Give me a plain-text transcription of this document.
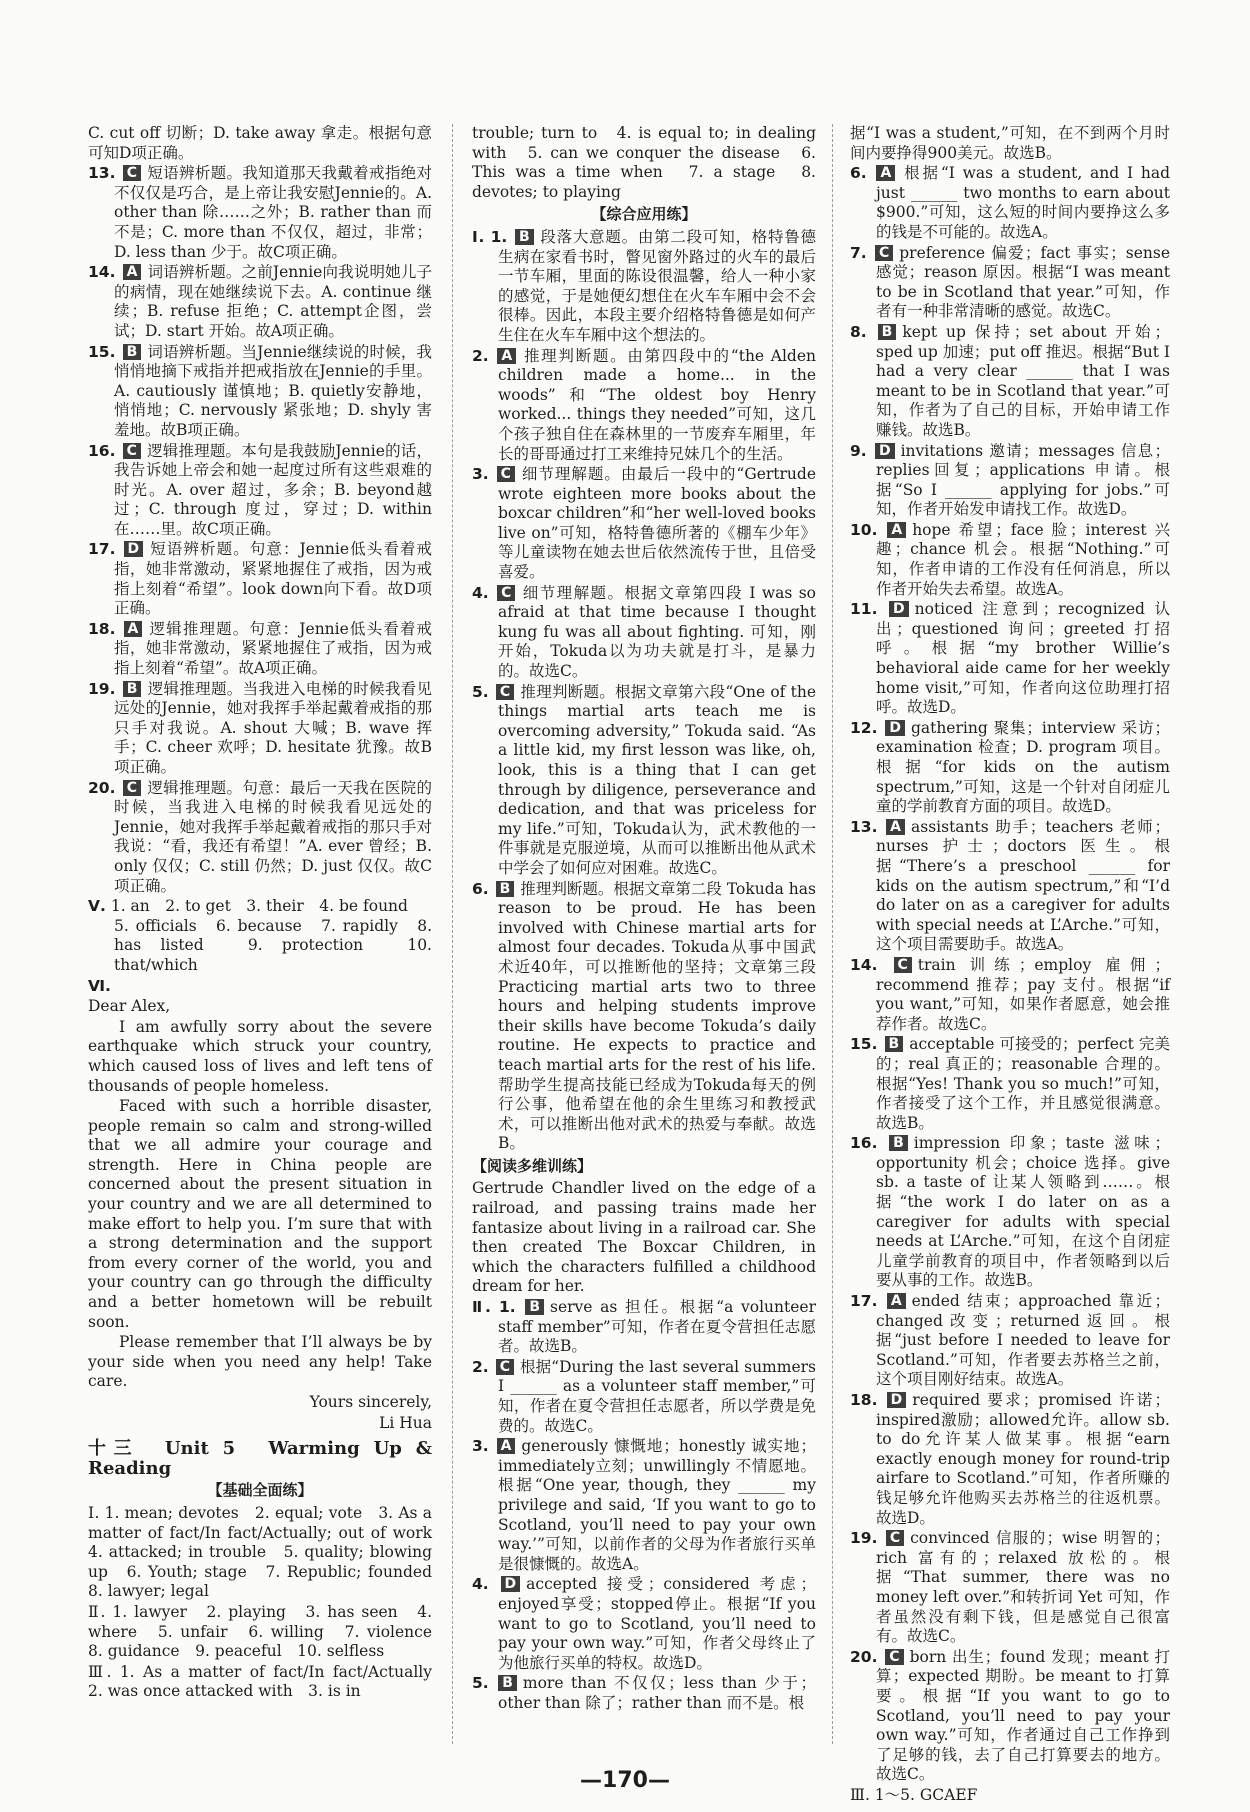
C. cut off 切断；D. take away 拿走。根据句意可知D项正确。
13. C 短语辨析题。我知道那天我戴着戒指绝对不仅仅是巧合，是上帝让我安慰Jennie的。A. other than 除……之外；B. rather than 而不是；C. more than 不仅仅，超过，非常；D. less than 少于。故C项正确。
14. A 词语辨析题。之前Jennie向我说明她儿子的病情，现在她继续说下去。A. continue 继续；B. refuse 拒绝；C. attempt企图，尝试；D. start 开始。故A项正确。
15. B 词语辨析题。当Jennie继续说的时候，我悄悄地摘下戒指并把戒指放在Jennie的手里。A. cautiously 谨慎地；B. quietly安静地，悄悄地；C. nervously 紧张地；D. shyly 害羞地。故B项正确。
16. C 逻辑推理题。本句是我鼓励Jennie的话，我告诉她上帝会和她一起度过所有这些艰难的时光。A. over 超过，多余；B. beyond越过；C. through 度过，穿过；D. within在……里。故C项正确。
17. D 短语辨析题。句意：Jennie低头看着戒指，她非常激动，紧紧地握住了戒指，因为戒指上刻着“希望”。look down向下看。故D项正确。
18. A 逻辑推理题。句意：Jennie低头看着戒指，她非常激动，紧紧地握住了戒指，因为戒指上刻着“希望”。故A项正确。
19. B 逻辑推理题。当我进入电梯的时候我看见远处的Jennie，她对我挥手举起戴着戒指的那只手对我说。A. shout 大喊；B. wave 挥手；C. cheer 欢呼；D. hesitate 犹豫。故B项正确。
20. C 逻辑推理题。句意：最后一天我在医院的时候，当我进入电梯的时候我看见远处的Jennie，她对我挥手举起戴着戒指的那只手对我说：“看，我还有希望！”A. ever 曾经；B. only 仅仅；C. still 仍然；D. just 仅仅。故C项正确。
Ⅴ. 1. an　2. to get　3. their　4. be found
5. officials　6. because　7. rapidly　8. has listed　9. protection　10. that/which
Ⅵ.
Dear Alex,
I am awfully sorry about the severe earthquake which struck your country, which caused loss of lives and left tens of thousands of people homeless.
Faced with such a horrible disaster, people remain so calm and strong-willed that we all admire your courage and strength. Here in China people are concerned about the present situation in your country and we are all determined to make effort to help you. I’m sure that with a strong determination and the support from every corner of the world, you and your country can go through the difficulty and a better hometown will be rebuilt soon.
Please remember that I’ll always be by your side when you need any help! Take care.
Yours sincerely,
Li Hua
十三　Unit 5　Warming Up & Reading
【基础全面练】
Ⅰ. 1. mean; devotes　2. equal; vote　3. As a matter of fact/In fact/Actually; out of work　4. attacked; in trouble　5. quality; blowing up　6. Youth; stage　7. Republic; founded　8. lawyer; legal
Ⅱ. 1. lawyer　2. playing　3. has seen　4. where　5. unfair　6. willing　7. violence　8. guidance　9. peaceful　10. selfless
Ⅲ. 1. As a matter of fact/In fact/Actually　2. was once attacked with　3. is in
trouble; turn to　4. is equal to; in dealing with　5. can we conquer the disease　6. This was a time when　7. a stage　8. devotes; to playing
【综合应用练】
Ⅰ. 1. B 段落大意题。由第二段可知，格特鲁德生病在家看书时，瞥见窗外路过的火车的最后一节车厢，里面的陈设很温馨，给人一种小家的感觉，于是她便幻想住在火车车厢中会不会很棒。因此，本段主要介绍格特鲁德是如何产生住在火车车厢中这个想法的。
2. A 推理判断题。由第四段中的“the Alden children made a home... in the woods”和“The oldest boy Henry worked... things they needed”可知，这几个孩子独自住在森林里的一节废弃车厢里，年长的哥哥通过打工来维持兄妹几个的生活。
3. C 细节理解题。由最后一段中的“Gertrude wrote eighteen more books about the boxcar children”和“her well-loved books live on”可知，格特鲁德所著的《棚车少年》等儿童读物在她去世后依然流传于世，且倍受喜爱。
4. C 细节理解题。根据文章第四段 I was so afraid at that time because I thought kung fu was all about fighting. 可知，刚开始，Tokuda以为功夫就是打斗，是暴力的。故选C。
5. C 推理判断题。根据文章第六段“One of the things martial arts teach me is overcoming adversity,” Tokuda said. “As a little kid, my first lesson was like, oh, look, this is a thing that I can get through by diligence, perseverance and dedication, and that was priceless for my life.”可知，Tokuda认为，武术教他的一件事就是克服逆境，从而可以推断出他从武术中学会了如何应对困难。故选C。
6. B 推理判断题。根据文章第二段 Tokuda has reason to be proud. He has been involved with Chinese martial arts for almost four decades. Tokuda从事中国武术近40年，可以推断他的坚持；文章第三段 Practicing martial arts two to three hours and helping students improve their skills have become Tokuda’s daily routine. He expects to practice and teach martial arts for the rest of his life. 帮助学生提高技能已经成为Tokuda每天的例行公事，他希望在他的余生里练习和教授武术，可以推断出他对武术的热爱与奉献。故选B。
【阅读多维训练】
Gertrude Chandler lived on the edge of a railroad, and passing trains made her fantasize about living in a railroad car. She then created The Boxcar Children, in which the characters fulfilled a childhood dream for her.
Ⅱ. 1. B serve as 担任。根据“a volunteer staff member”可知，作者在夏令营担任志愿者。故选B。
2. C 根据“During the last several summers I ______ as a volunteer staff member,”可知，作者在夏令营担任志愿者，所以学费是免费的。故选C。
3. A generously 慷慨地；honestly 诚实地；immediately立刻；unwillingly 不情愿地。根据“One year, though, they ______ my privilege and said, ‘If you want to go to Scotland, you’ll need to pay your own way.’”可知，以前作者的父母为作者旅行买单是很慷慨的。故选A。
4. D accepted 接受；considered 考虑；enjoyed享受；stopped停止。根据“If you want to go to Scotland, you’ll need to pay your own way.”可知，作者父母终止了为他旅行买单的特权。故选D。
5. B more than 不仅仅；less than 少于；other than 除了；rather than 而不是。根
据“I was a student,”可知，在不到两个月时间内要挣得900美元。故选B。
6. A 根据“I was a student, and I had just ______ two months to earn about $900.”可知，这么短的时间内要挣这么多的钱是不可能的。故选A。
7. C preference 偏爱；fact 事实；sense 感觉；reason 原因。根据“I was meant to be in Scotland that year.”可知，作者有一种非常清晰的感觉。故选C。
8. B kept up 保持；set about 开始；sped up 加速；put off 推迟。根据“But I had a very clear ______ that I was meant to be in Scotland that year.”可知，作者为了自己的目标，开始申请工作赚钱。故选B。
9. D invitations 邀请；messages 信息；replies回复；applications 申请。根据“So I ______ applying for jobs.”可知，作者开始发申请找工作。故选D。
10. A hope 希望；face 脸；interest 兴趣；chance 机会。根据“Nothing.”可知，作者申请的工作没有任何消息，所以作者开始失去希望。故选A。
11. D noticed 注意到；recognized 认出；questioned 询问；greeted 打招呼。根据“my brother Willie’s behavioral aide came for her weekly home visit,”可知，作者向这位助理打招呼。故选D。
12. D gathering 聚集；interview 采访；examination 检查；D. program 项目。根据“for kids on the autism spectrum,”可知，这是一个针对自闭症儿童的学前教育方面的项目。故选D。
13. A assistants 助手；teachers 老师；nurses 护士；doctors 医生。根据“There’s a preschool ______ for kids on the autism spectrum,”和“I’d do later on as a caregiver for adults with special needs at L’Arche.”可知，这个项目需要助手。故选A。
14. C train 训练；employ 雇佣；recommend 推荐；pay 支付。根据“if you want,”可知，如果作者愿意，她会推荐作者。故选C。
15. B acceptable 可接受的；perfect 完美的；real 真正的；reasonable 合理的。根据“Yes! Thank you so much!”可知，作者接受了这个工作，并且感觉很满意。故选B。
16. B impression 印象；taste 滋味；opportunity 机会；choice 选择。give sb. a taste of 让某人领略到……。根据“the work I do later on as a caregiver for adults with special needs at L’Arche.”可知，在这个自闭症儿童学前教育的项目中，作者领略到以后要从事的工作。故选B。
17. A ended 结束；approached 靠近；changed改变；returned返回。根据“just before I needed to leave for Scotland.”可知，作者要去苏格兰之前，这个项目刚好结束。故选A。
18. D required 要求；promised 许诺；inspired激励；allowed允许。allow sb. to do允许某人做某事。根据“earn exactly enough money for round-trip airfare to Scotland.”可知，作者所赚的钱足够允许他购买去苏格兰的往返机票。故选D。
19. C convinced 信服的；wise 明智的；rich 富有的；relaxed 放松的。根据“That summer, there was no money left over.”和转折词 Yet 可知，作者虽然没有剩下钱，但是感觉自己很富有。故选C。
20. C born 出生；found 发现；meant 打算；expected 期盼。be meant to 打算要。根据“If you want to go to Scotland, you’ll need to pay your own way.”可知，作者通过自己工作挣到了足够的钱，去了自己打算要去的地方。故选C。
Ⅲ. 1～5. GCAEF
—170—
